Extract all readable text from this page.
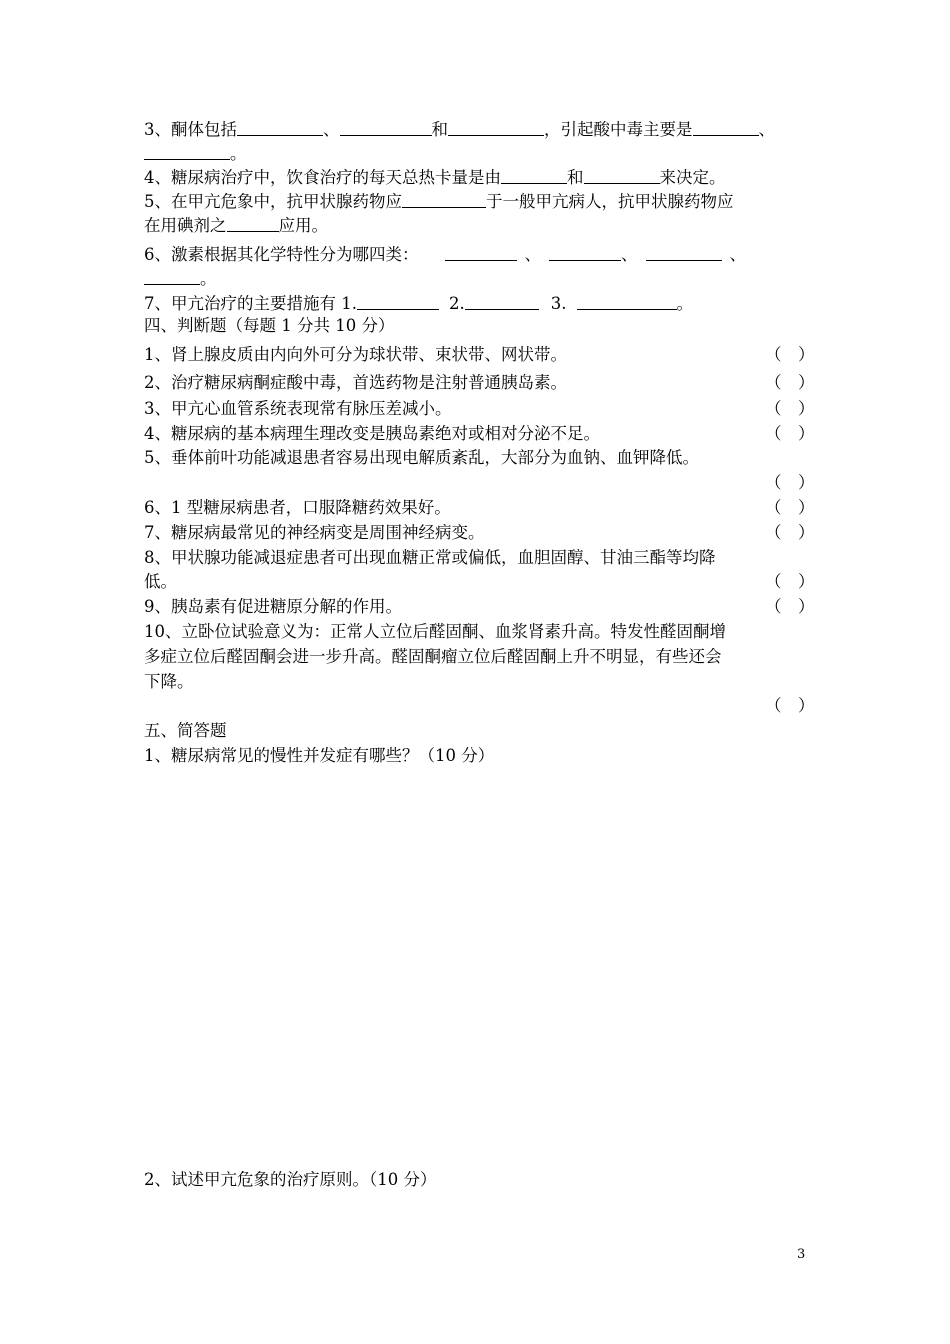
3、酮体包括	、	和	，引起酸中毒主要是	、
。
4、糖尿病治疗中，饮食治疗的每天总热卡量是由	和	来决定。
5、在甲亢危象中，抗甲状腺药物应	于一般甲亢病人，抗甲状腺药物应
在用碘剂之	应用。
6、激素根据其化学特性分为哪四类：	、	、	、
。
7、甲亢治疗的主要措施有 1.	2.	3.	。
四、判断题（每题 1 分共 10 分）
1、肾上腺皮质由内向外可分为球状带、束状带、网状带。	（　）
2、治疗糖尿病酮症酸中毒，首选药物是注射普通胰岛素。	（　）
3、甲亢心血管系统表现常有脉压差减小。	（　）
4、糖尿病的基本病理生理改变是胰岛素绝对或相对分泌不足。	（　）
5、垂体前叶功能减退患者容易出现电解质紊乱，大部分为血钠、血钾降低。
（　）
6、1 型糖尿病患者，口服降糖药效果好。	（　）
7、糖尿病最常见的神经病变是周围神经病变。	（　）
8、甲状腺功能减退症患者可出现血糖正常或偏低，血胆固醇、甘油三酯等均降
低。	（　）
9、胰岛素有促进糖原分解的作用。	（　）
10、立卧位试验意义为：正常人立位后醛固酮、血浆肾素升高。特发性醛固酮增
多症立位后醛固酮会进一步升高。醛固酮瘤立位后醛固酮上升不明显，有些还会
下降。
（　）
五、简答题
1、糖尿病常见的慢性并发症有哪些？（10 分）
2、试述甲亢危象的治疗原则。（10 分）
3
